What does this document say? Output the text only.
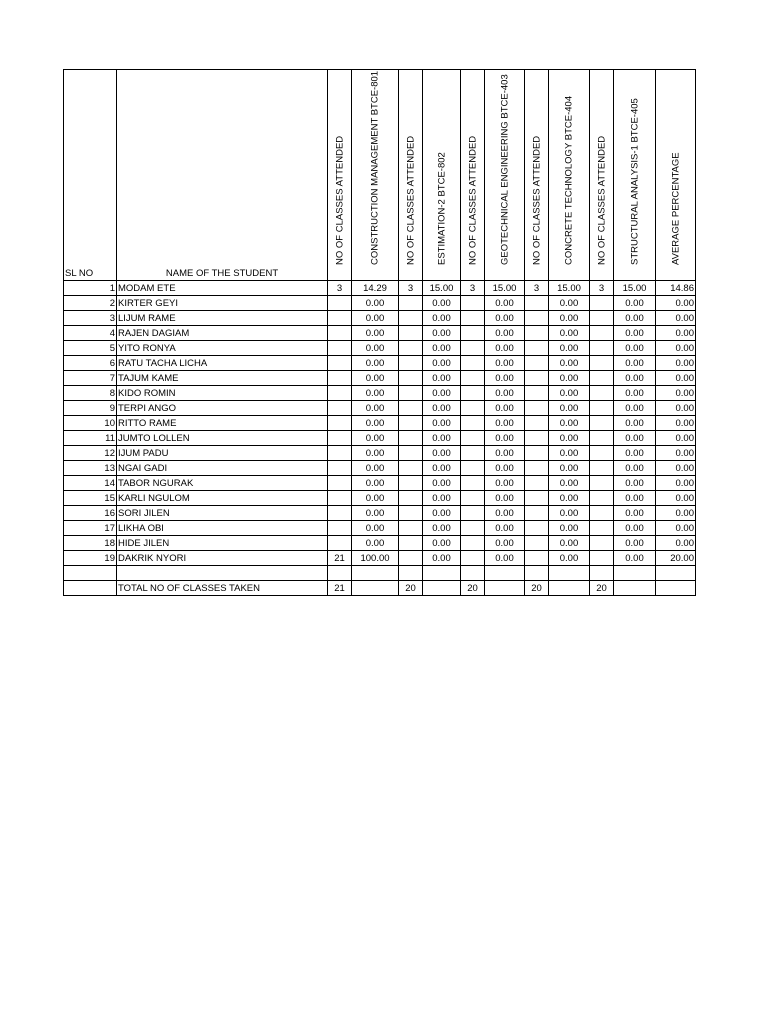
SL NO	NAME OF THE STUDENT	NO OF CLASSES ATTENDED	CONSTRUCTION MANAGEMENT BTCE-801	NO OF CLASSES ATTENDED	ESTIMATION-2 BTCE-802	NO OF CLASSES ATTENDED	GEOTECHNICAL ENGINEERING BTCE-403	NO OF CLASSES ATTENDED	CONCRETE TECHNOLOGY BTCE-404	NO OF CLASSES ATTENDED	STRUCTURAL ANALYSIS-1 BTCE-405	AVERAGE PERCENTAGE

1	MODAM ETE	3	14.29	3	15.00	3	15.00	3	15.00	3	15.00	14.86
2	KIRTER GEYI		0.00		0.00		0.00		0.00		0.00	0.00
3	LIJUM RAME		0.00		0.00		0.00		0.00		0.00	0.00
4	RAJEN DAGIAM		0.00		0.00		0.00		0.00		0.00	0.00
5	YITO RONYA		0.00		0.00		0.00		0.00		0.00	0.00
6	RATU TACHA LICHA		0.00		0.00		0.00		0.00		0.00	0.00
7	TAJUM KAME		0.00		0.00		0.00		0.00		0.00	0.00
8	KIDO ROMIN		0.00		0.00		0.00		0.00		0.00	0.00
9	TERPI ANGO		0.00		0.00		0.00		0.00		0.00	0.00
10	RITTO RAME		0.00		0.00		0.00		0.00		0.00	0.00
11	JUMTO LOLLEN		0.00		0.00		0.00		0.00		0.00	0.00
12	IJUM PADU		0.00		0.00		0.00		0.00		0.00	0.00
13	NGAI GADI		0.00		0.00		0.00		0.00		0.00	0.00
14	TABOR NGURAK		0.00		0.00		0.00		0.00		0.00	0.00
15	KARLI NGULOM		0.00		0.00		0.00		0.00		0.00	0.00
16	SORI JILEN		0.00		0.00		0.00		0.00		0.00	0.00
17	LIKHA OBI		0.00		0.00		0.00		0.00		0.00	0.00
18	HIDE JILEN		0.00		0.00		0.00		0.00		0.00	0.00
19	DAKRIK NYORI	21	100.00		0.00		0.00		0.00		0.00	20.00

	TOTAL NO OF CLASSES TAKEN	21		20		20		20		20		
